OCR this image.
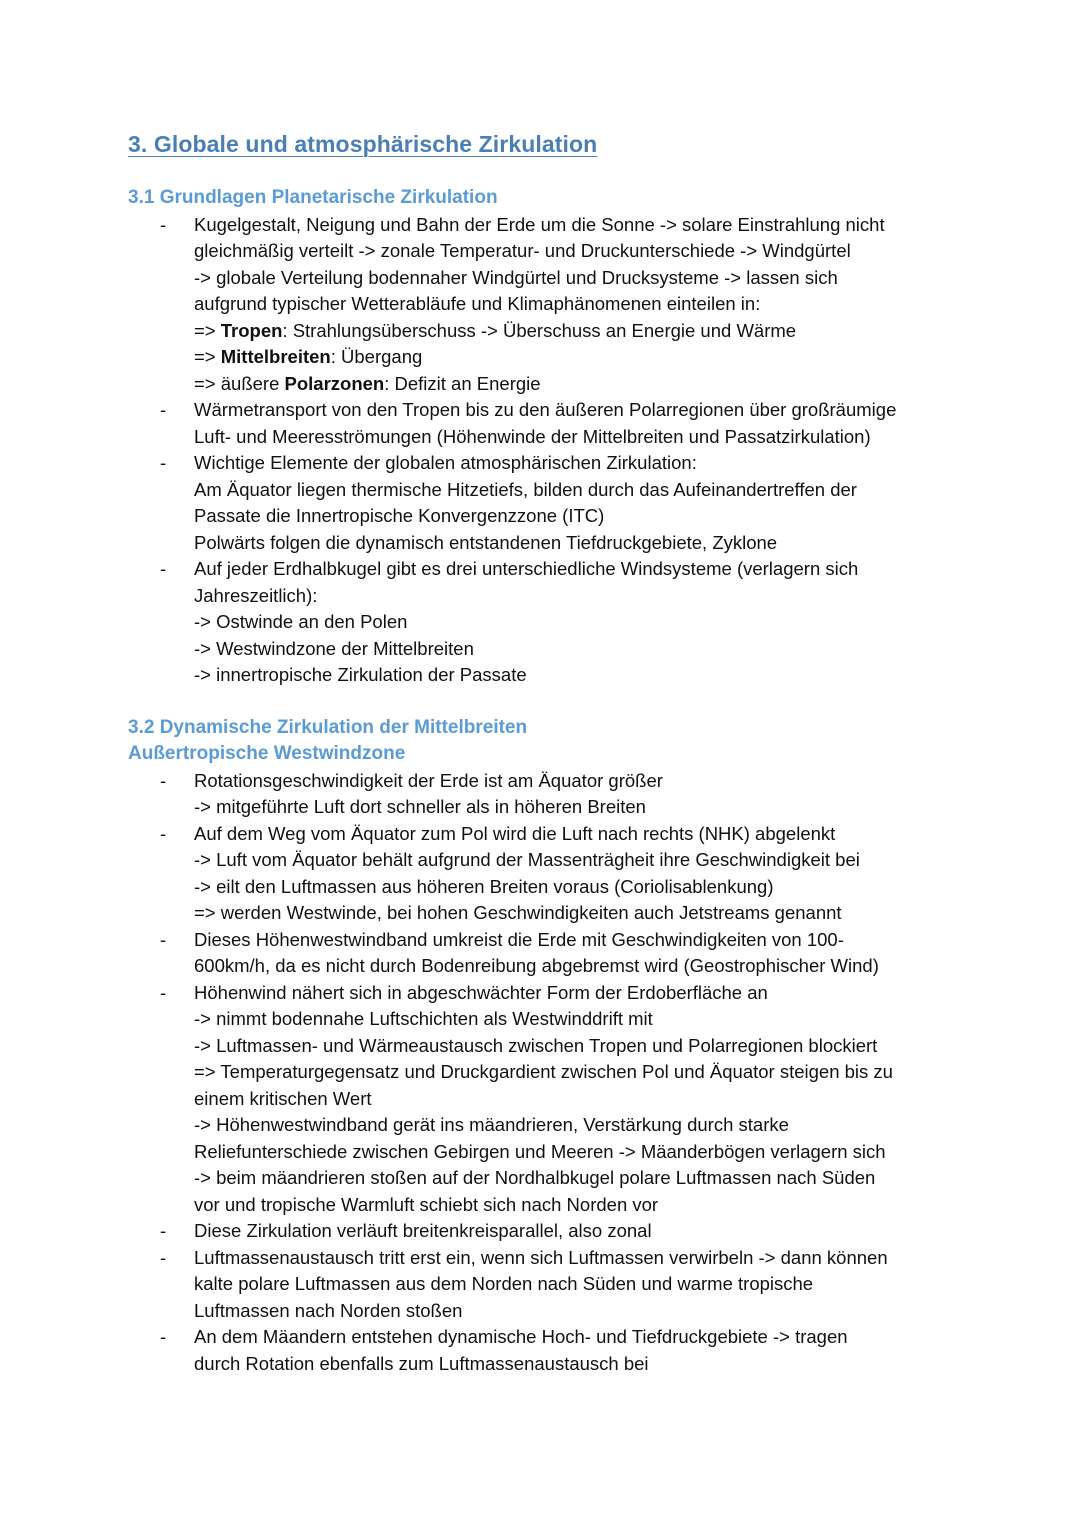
3. Globale und atmosphärische Zirkulation
3.1 Grundlagen Planetarische Zirkulation
- Kugelgestalt, Neigung und Bahn der Erde um die Sonne -> solare Einstrahlung nicht
gleichmäßig verteilt -> zonale Temperatur- und Druckunterschiede -> Windgürtel
-> globale Verteilung bodennaher Windgürtel und Drucksysteme -> lassen sich
aufgrund typischer Wetterabläufe und Klimaphänomenen einteilen in:
=> Tropen: Strahlungsüberschuss -> Überschuss an Energie und Wärme
=> Mittelbreiten: Übergang
=> äußere Polarzonen: Defizit an Energie
- Wärmetransport von den Tropen bis zu den äußeren Polarregionen über großräumige
Luft- und Meeresströmungen (Höhenwinde der Mittelbreiten und Passatzirkulation)
- Wichtige Elemente der globalen atmosphärischen Zirkulation:
Am Äquator liegen thermische Hitzetiefs, bilden durch das Aufeinandertreffen der
Passate die Innertropische Konvergenzzone (ITC)
Polwärts folgen die dynamisch entstandenen Tiefdruckgebiete, Zyklone
- Auf jeder Erdhalbkugel gibt es drei unterschiedliche Windsysteme (verlagern sich
Jahreszeitlich):
-> Ostwinde an den Polen
-> Westwindzone der Mittelbreiten
-> innertropische Zirkulation der Passate
3.2 Dynamische Zirkulation der Mittelbreiten
Außertropische Westwindzone
- Rotationsgeschwindigkeit der Erde ist am Äquator größer
-> mitgeführte Luft dort schneller als in höheren Breiten
- Auf dem Weg vom Äquator zum Pol wird die Luft nach rechts (NHK) abgelenkt
-> Luft vom Äquator behält aufgrund der Massenträgheit ihre Geschwindigkeit bei
-> eilt den Luftmassen aus höheren Breiten voraus (Coriolisablenkung)
=> werden Westwinde, bei hohen Geschwindigkeiten auch Jetstreams genannt
- Dieses Höhenwestwindband umkreist die Erde mit Geschwindigkeiten von 100-
600km/h, da es nicht durch Bodenreibung abgebremst wird (Geostrophischer Wind)
- Höhenwind nähert sich in abgeschwächter Form der Erdoberfläche an
-> nimmt bodennahe Luftschichten als Westwinddrift mit
-> Luftmassen- und Wärmeaustausch zwischen Tropen und Polarregionen blockiert
=> Temperaturgegensatz und Druckgardient zwischen Pol und Äquator steigen bis zu
einem kritischen Wert
-> Höhenwestwindband gerät ins mäandrieren, Verstärkung durch starke
Reliefunterschiede zwischen Gebirgen und Meeren -> Mäanderbögen verlagern sich
-> beim mäandrieren stoßen auf der Nordhalbkugel polare Luftmassen nach Süden
vor und tropische Warmluft schiebt sich nach Norden vor
- Diese Zirkulation verläuft breitenkreisparallel, also zonal
- Luftmassenaustausch tritt erst ein, wenn sich Luftmassen verwirbeln -> dann können
kalte polare Luftmassen aus dem Norden nach Süden und warme tropische
Luftmassen nach Norden stoßen
- An dem Mäandern entstehen dynamische Hoch- und Tiefdruckgebiete -> tragen
durch Rotation ebenfalls zum Luftmassenaustausch bei
